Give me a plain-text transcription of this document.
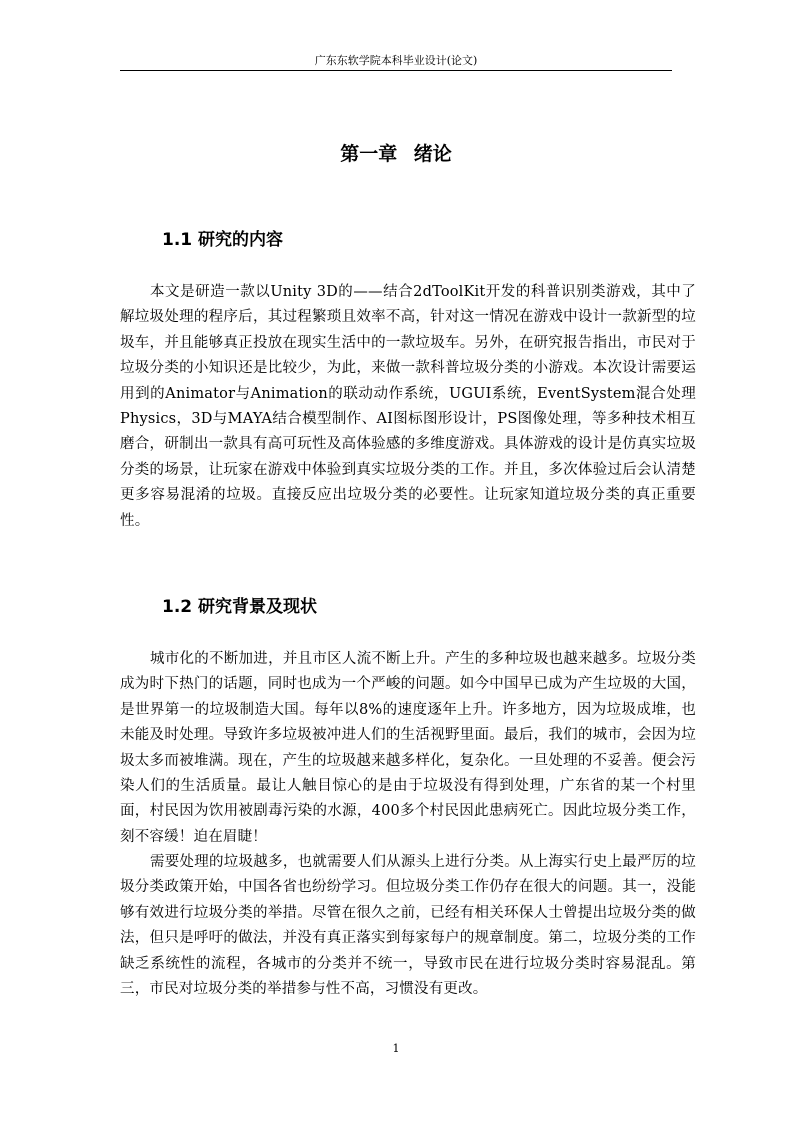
广东东软学院本科毕业设计(论文)
第一章 绪论
1.1 研究的内容

本文是研造一款以Unity 3D的——结合2dToolKit开发的科普识别类游戏，其中了解垃圾处理的程序后，其过程繁琐且效率不高，针对这一情况在游戏中设计一款新型的垃圾车，并且能够真正投放在现实生活中的一款垃圾车。另外，在研究报告指出，市民对于垃圾分类的小知识还是比较少，为此，来做一款科普垃圾分类的小游戏。本次设计需要运用到的Animator与Animation的联动动作系统，UGUI系统，EventSystem混合处理Physics，3D与MAYA结合模型制作、AI图标图形设计，PS图像处理，等多种技术相互磨合，研制出一款具有高可玩性及高体验感的多维度游戏。具体游戏的设计是仿真实垃圾分类的场景，让玩家在游戏中体验到真实垃圾分类的工作。并且，多次体验过后会认清楚更多容易混淆的垃圾。直接反应出垃圾分类的必要性。让玩家知道垃圾分类的真正重要性。

1.2 研究背景及现状

城市化的不断加进，并且市区人流不断上升。产生的多种垃圾也越来越多。垃圾分类成为时下热门的话题，同时也成为一个严峻的问题。如今中国早已成为产生垃圾的大国，是世界第一的垃圾制造大国。每年以8%的速度逐年上升。许多地方，因为垃圾成堆，也未能及时处理。导致许多垃圾被冲进人们的生活视野里面。最后，我们的城市，会因为垃圾太多而被堆满。现在，产生的垃圾越来越多样化，复杂化。一旦处理的不妥善。便会污染人们的生活质量。最让人触目惊心的是由于垃圾没有得到处理，广东省的某一个村里面，村民因为饮用被剧毒污染的水源，400多个村民因此患病死亡。因此垃圾分类工作，刻不容缓！迫在眉睫！

需要处理的垃圾越多，也就需要人们从源头上进行分类。从上海实行史上最严厉的垃圾分类政策开始，中国各省也纷纷学习。但垃圾分类工作仍存在很大的问题。其一，没能够有效进行垃圾分类的举措。尽管在很久之前，已经有相关环保人士曾提出垃圾分类的做法，但只是呼吁的做法，并没有真正落实到每家每户的规章制度。第二，垃圾分类的工作缺乏系统性的流程，各城市的分类并不统一，导致市民在进行垃圾分类时容易混乱。第三，市民对垃圾分类的举措参与性不高，习惯没有更改。

1
